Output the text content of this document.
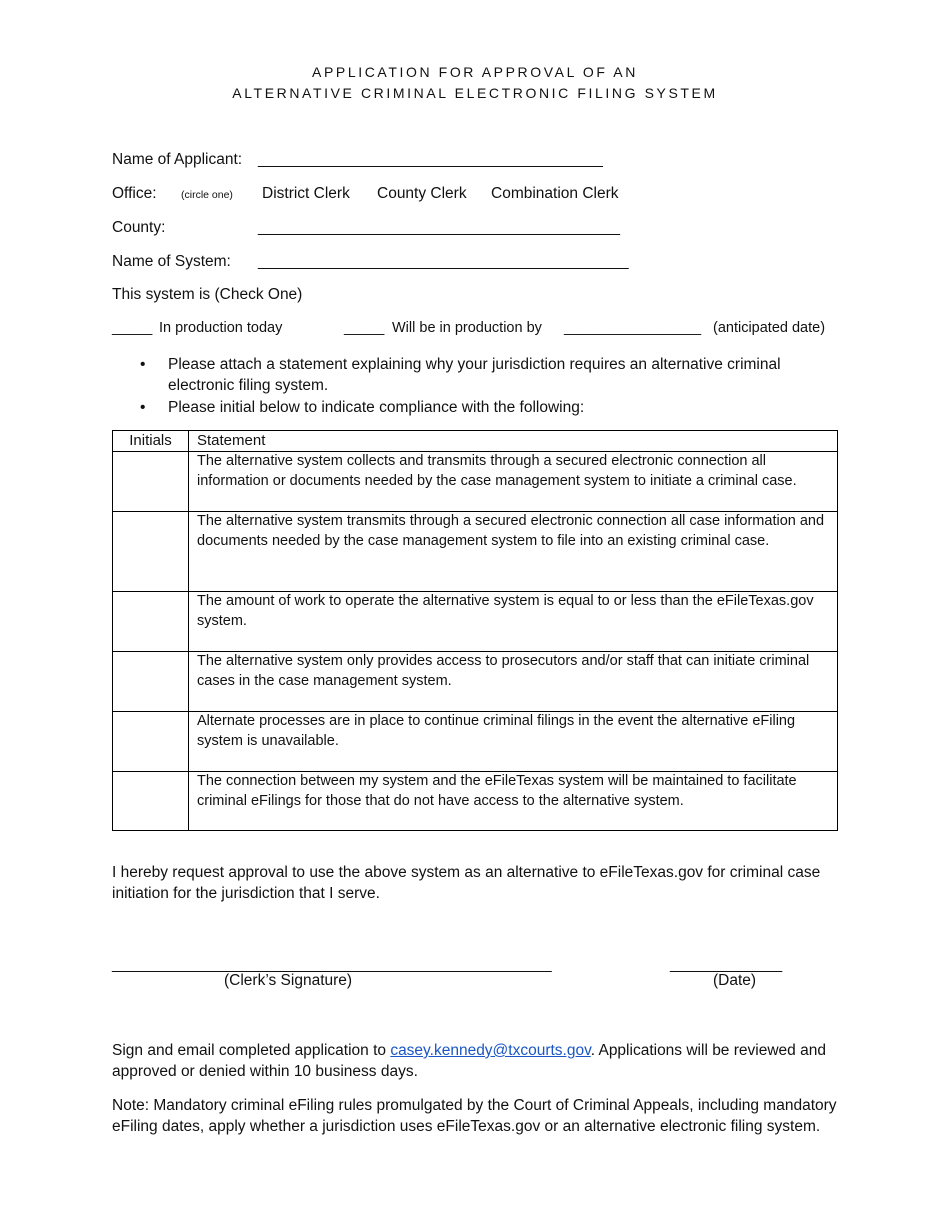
APPLICATION FOR APPROVAL OF AN
ALTERNATIVE CRIMINAL ELECTRONIC FILING SYSTEM
Name of Applicant: ________________________________________
Office: (circle one) District Clerk County Clerk Combination Clerk
County:	__________________________________________
Name of System: ___________________________________________
This system is (Check One)
_____ In production today	_____ Will be in production by _________________ (anticipated date)
• Please attach a statement explaining why your jurisdiction requires an alternative criminal electronic filing system.
• Please initial below to indicate compliance with the following:
Initials	Statement
	The alternative system collects and transmits through a secured electronic connection all information or documents needed by the case management system to initiate a criminal case.
	The alternative system transmits through a secured electronic connection all case information and documents needed by the case management system to file into an existing criminal case.
	The amount of work to operate the alternative system is equal to or less than the eFileTexas.gov system.
	The alternative system only provides access to prosecutors and/or staff that can initiate criminal cases in the case management system.
	Alternate processes are in place to continue criminal filings in the event the alternative eFiling system is unavailable.
	The connection between my system and the eFileTexas system will be maintained to facilitate criminal eFilings for those that do not have access to the alternative system.
I hereby request approval to use the above system as an alternative to eFileTexas.gov for criminal case initiation for the jurisdiction that I serve.
___________________________________________________
(Clerk’s Signature)
_____________
(Date)
Sign and email completed application to casey.kennedy@txcourts.gov. Applications will be reviewed and approved or denied within 10 business days.
Note: Mandatory criminal eFiling rules promulgated by the Court of Criminal Appeals, including mandatory eFiling dates, apply whether a jurisdiction uses eFileTexas.gov or an alternative electronic filing system.
